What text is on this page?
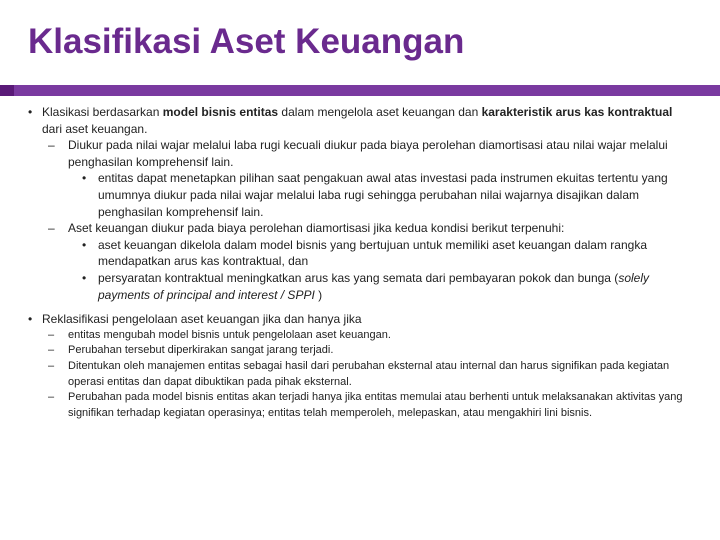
Klasifikasi Aset Keuangan
• Klasikasi berdasarkan model bisnis entitas dalam mengelola aset keuangan dan karakteristik arus kas kontraktual dari aset keuangan.
– Diukur pada nilai wajar melalui laba rugi kecuali diukur pada biaya perolehan diamortisasi atau nilai wajar melalui penghasilan komprehensif lain.
• entitas dapat menetapkan pilihan saat pengakuan awal atas investasi pada instrumen ekuitas tertentu yang umumnya diukur pada nilai wajar melalui laba rugi sehingga perubahan nilai wajarnya disajikan dalam penghasilan komprehensif lain.
– Aset keuangan diukur pada biaya perolehan diamortisasi jika kedua kondisi berikut terpenuhi:
• aset keuangan dikelola dalam model bisnis yang bertujuan untuk memiliki aset keuangan dalam rangka mendapatkan arus kas kontraktual, dan
• persyaratan kontraktual meningkatkan arus kas yang semata dari pembayaran pokok dan bunga (solely payments of principal and interest / SPPI )
• Reklasifikasi pengelolaan aset keuangan jika dan hanya jika
– entitas mengubah model bisnis untuk pengelolaan aset keuangan.
– Perubahan tersebut diperkirakan sangat jarang terjadi.
– Ditentukan oleh manajemen entitas sebagai hasil dari perubahan eksternal atau internal dan harus signifikan pada kegiatan operasi entitas dan dapat dibuktikan pada pihak eksternal.
– Perubahan pada model bisnis entitas akan terjadi hanya jika entitas memulai atau berhenti untuk melaksanakan aktivitas yang signifikan terhadap kegiatan operasinya; entitas telah memperoleh, melepaskan, atau mengakhiri lini bisnis.
